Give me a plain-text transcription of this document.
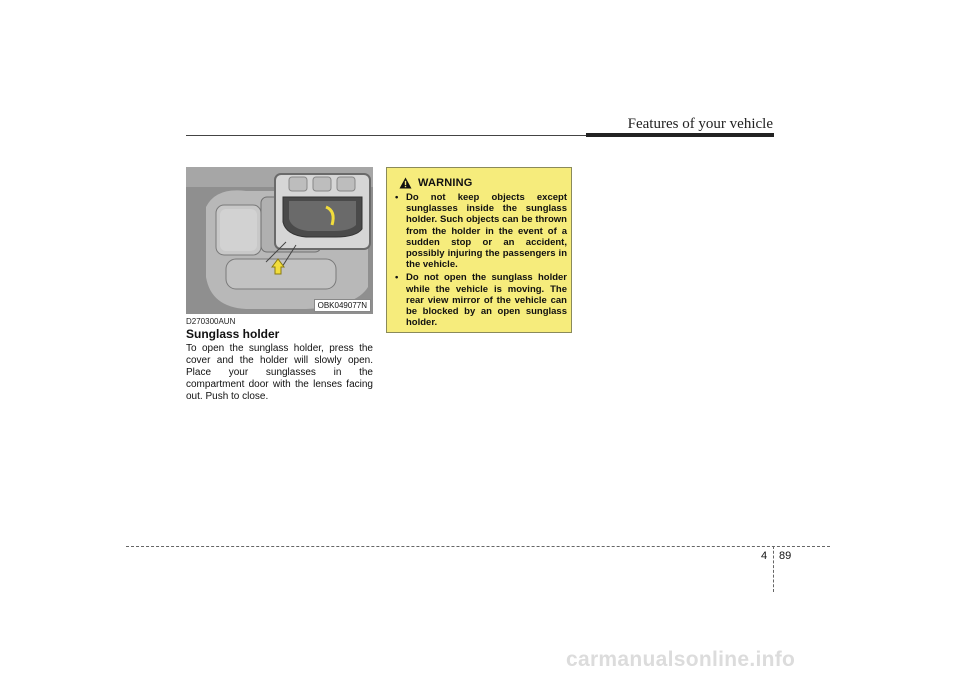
Features of your vehicle
OBK049077N
D270300AUN
Sunglass holder
To open the sunglass holder, press the cover and the holder will slowly open. Place your sunglasses in the compartment door with the lenses facing out. Push to close.
WARNING
• Do not keep objects except sunglasses inside the sunglass holder. Such objects can be thrown from the holder in the event of a sudden stop or an accident, possibly injuring the passengers in the vehicle.
• Do not open the sunglass holder while the vehicle is moving. The rear view mirror of the vehicle can be blocked by an open sunglass holder.
4 89
carmanualsonline.info
